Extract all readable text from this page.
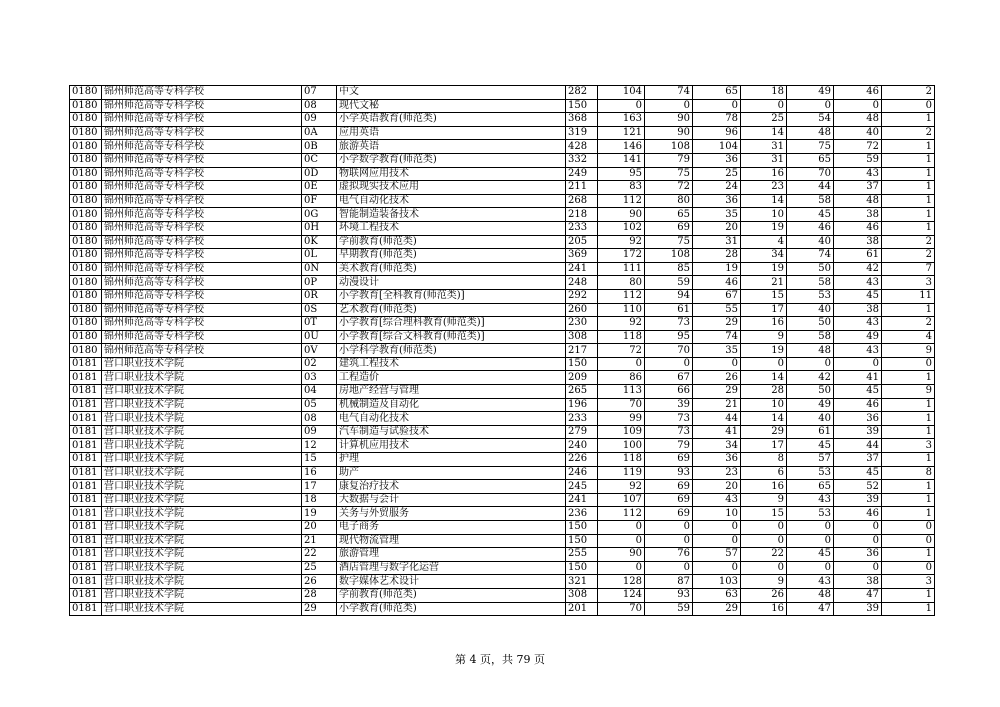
0180	锦州师范高等专科学校	07	中文	282	104	74	65	18	49	46	2
0180	锦州师范高等专科学校	08	现代文秘	150	0	0	0	0	0	0	0
0180	锦州师范高等专科学校	09	小学英语教育(师范类)	368	163	90	78	25	54	48	1
0180	锦州师范高等专科学校	0A	应用英语	319	121	90	96	14	48	40	2
0180	锦州师范高等专科学校	0B	旅游英语	428	146	108	104	31	75	72	1
0180	锦州师范高等专科学校	0C	小学数学教育(师范类)	332	141	79	36	31	65	59	1
0180	锦州师范高等专科学校	0D	物联网应用技术	249	95	75	25	16	70	43	1
0180	锦州师范高等专科学校	0E	虚拟现实技术应用	211	83	72	24	23	44	37	1
0180	锦州师范高等专科学校	0F	电气自动化技术	268	112	80	36	14	58	48	1
0180	锦州师范高等专科学校	0G	智能制造装备技术	218	90	65	35	10	45	38	1
0180	锦州师范高等专科学校	0H	环境工程技术	233	102	69	20	19	46	46	1
0180	锦州师范高等专科学校	0K	学前教育(师范类)	205	92	75	31	4	40	38	2
0180	锦州师范高等专科学校	0L	早期教育(师范类)	369	172	108	28	34	74	61	2
0180	锦州师范高等专科学校	0N	美术教育(师范类)	241	111	85	19	19	50	42	7
0180	锦州师范高等专科学校	0P	动漫设计	248	80	59	46	21	58	43	3
0180	锦州师范高等专科学校	0R	小学教育[全科教育(师范类)]	292	112	94	67	15	53	45	11
0180	锦州师范高等专科学校	0S	艺术教育(师范类)	260	110	61	55	17	40	38	1
0180	锦州师范高等专科学校	0T	小学教育[综合理科教育(师范类)]	230	92	73	29	16	50	43	2
0180	锦州师范高等专科学校	0U	小学教育[综合文科教育(师范类)]	308	118	95	74	9	58	49	4
0180	锦州师范高等专科学校	0V	小学科学教育(师范类)	217	72	70	35	19	48	43	9
0181	营口职业技术学院	02	建筑工程技术	150	0	0	0	0	0	0	0
0181	营口职业技术学院	03	工程造价	209	86	67	26	14	42	41	1
0181	营口职业技术学院	04	房地产经营与管理	265	113	66	29	28	50	45	9
0181	营口职业技术学院	05	机械制造及自动化	196	70	39	21	10	49	46	1
0181	营口职业技术学院	08	电气自动化技术	233	99	73	44	14	40	36	1
0181	营口职业技术学院	09	汽车制造与试验技术	279	109	73	41	29	61	39	1
0181	营口职业技术学院	12	计算机应用技术	240	100	79	34	17	45	44	3
0181	营口职业技术学院	15	护理	226	118	69	36	8	57	37	1
0181	营口职业技术学院	16	助产	246	119	93	23	6	53	45	8
0181	营口职业技术学院	17	康复治疗技术	245	92	69	20	16	65	52	1
0181	营口职业技术学院	18	大数据与会计	241	107	69	43	9	43	39	1
0181	营口职业技术学院	19	关务与外贸服务	236	112	69	10	15	53	46	1
0181	营口职业技术学院	20	电子商务	150	0	0	0	0	0	0	0
0181	营口职业技术学院	21	现代物流管理	150	0	0	0	0	0	0	0
0181	营口职业技术学院	22	旅游管理	255	90	76	57	22	45	36	1
0181	营口职业技术学院	25	酒店管理与数字化运营	150	0	0	0	0	0	0	0
0181	营口职业技术学院	26	数字媒体艺术设计	321	128	87	103	9	43	38	3
0181	营口职业技术学院	28	学前教育(师范类)	308	124	93	63	26	48	47	1
0181	营口职业技术学院	29	小学教育(师范类)	201	70	59	29	16	47	39	1
第 4 页，共 79 页
